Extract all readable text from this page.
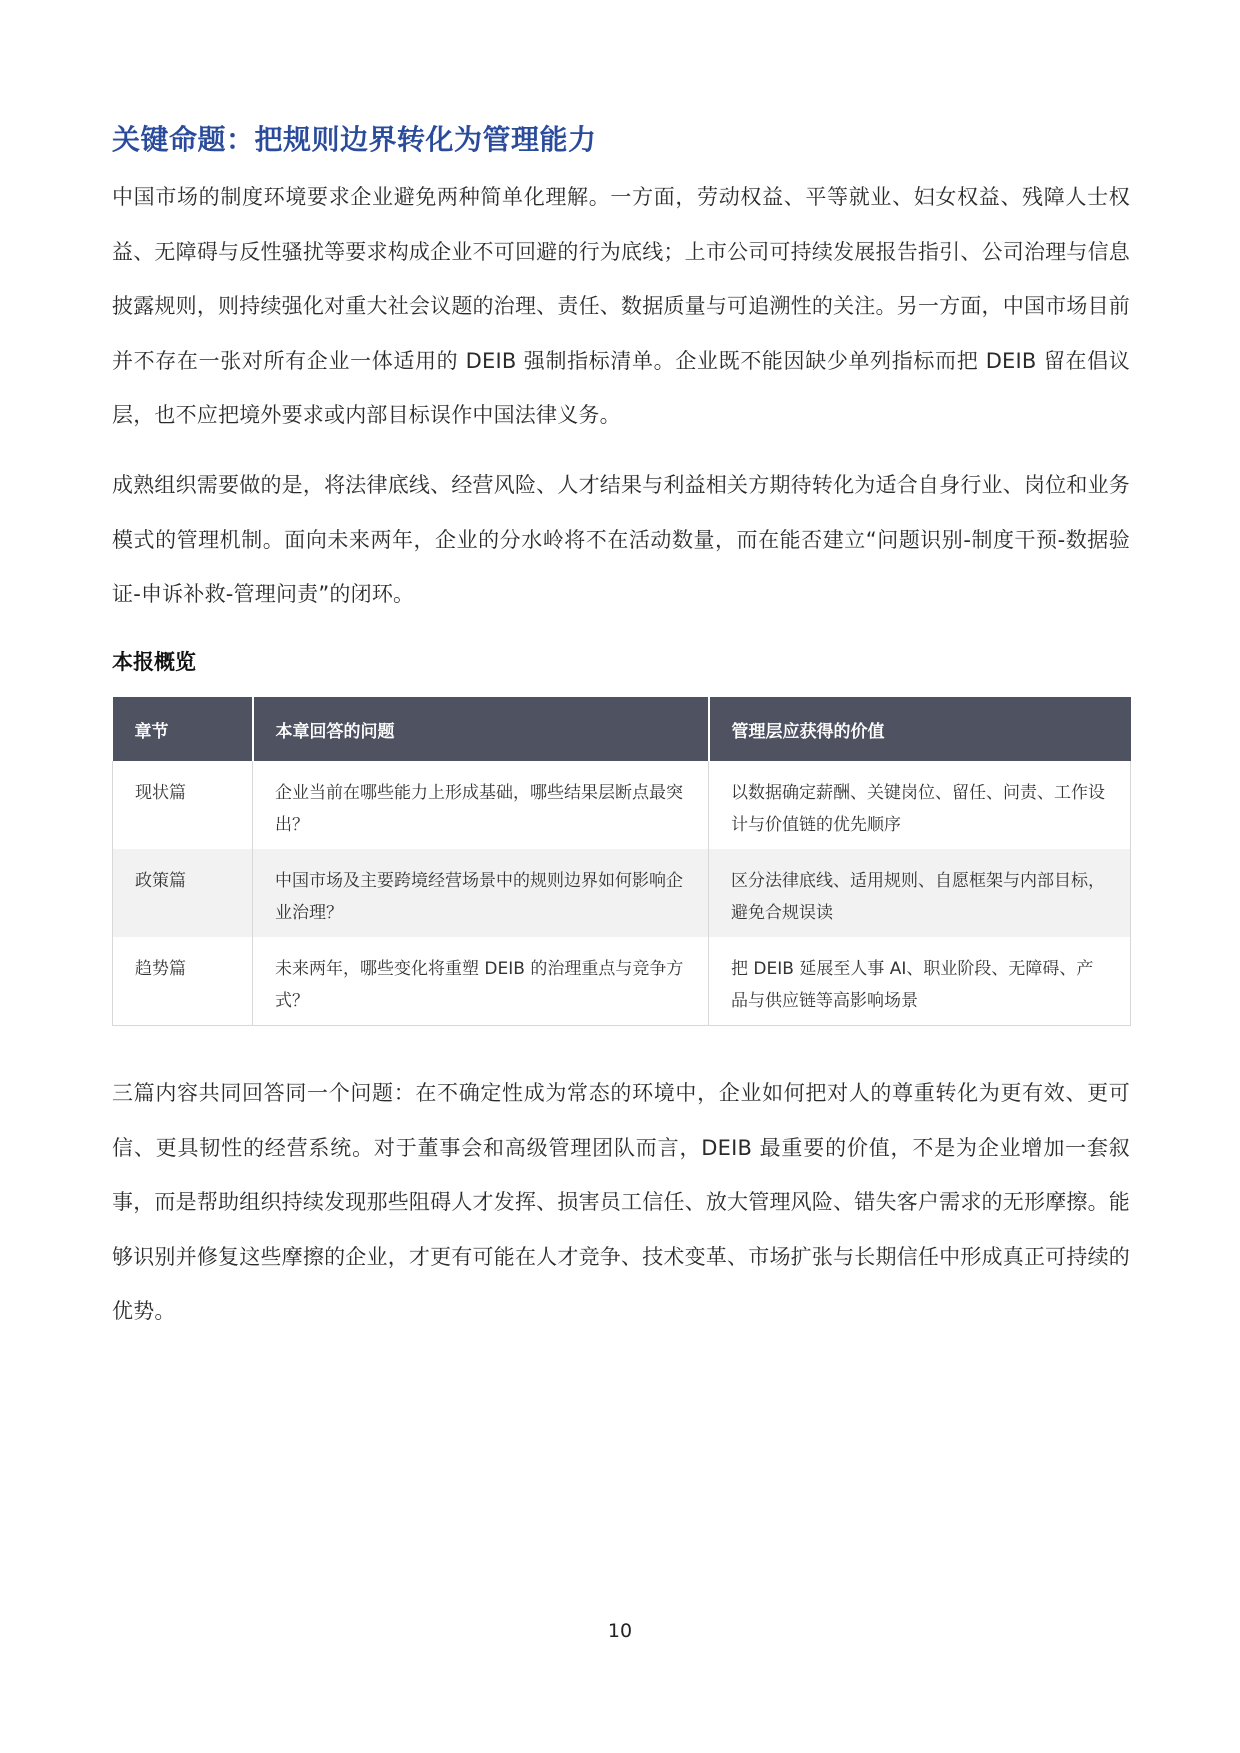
关键命题：把规则边界转化为管理能力

中国市场的制度环境要求企业避免两种简单化理解。一方面，劳动权益、平等就业、妇女权益、残障人士权益、无障碍与反性骚扰等要求构成企业不可回避的行为底线；上市公司可持续发展报告指引、公司治理与信息披露规则，则持续强化对重大社会议题的治理、责任、数据质量与可追溯性的关注。另一方面，中国市场目前并不存在一张对所有企业一体适用的 DEIB 强制指标清单。企业既不能因缺少单列指标而把 DEIB 留在倡议层，也不应把境外要求或内部目标误作中国法律义务。

成熟组织需要做的是，将法律底线、经营风险、人才结果与利益相关方期待转化为适合自身行业、岗位和业务模式的管理机制。面向未来两年，企业的分水岭将不在活动数量，而在能否建立“问题识别-制度干预-数据验证-申诉补救-管理问责”的闭环。

本报概览
章节	本章回答的问题	管理层应获得的价值
现状篇	企业当前在哪些能力上形成基础，哪些结果层断点最突出？	以数据确定薪酬、关键岗位、留任、问责、工作设计与价值链的优先顺序
政策篇	中国市场及主要跨境经营场景中的规则边界如何影响企业治理？	区分法律底线、适用规则、自愿框架与内部目标，避免合规误读
趋势篇	未来两年，哪些变化将重塑 DEIB 的治理重点与竞争方式？	把 DEIB 延展至人事 AI、职业阶段、无障碍、产品与供应链等高影响场景

三篇内容共同回答同一个问题：在不确定性成为常态的环境中，企业如何把对人的尊重转化为更有效、更可信、更具韧性的经营系统。对于董事会和高级管理团队而言，DEIB 最重要的价值，不是为企业增加一套叙事，而是帮助组织持续发现那些阻碍人才发挥、损害员工信任、放大管理风险、错失客户需求的无形摩擦。能够识别并修复这些摩擦的企业，才更有可能在人才竞争、技术变革、市场扩张与长期信任中形成真正可持续的优势。

10
